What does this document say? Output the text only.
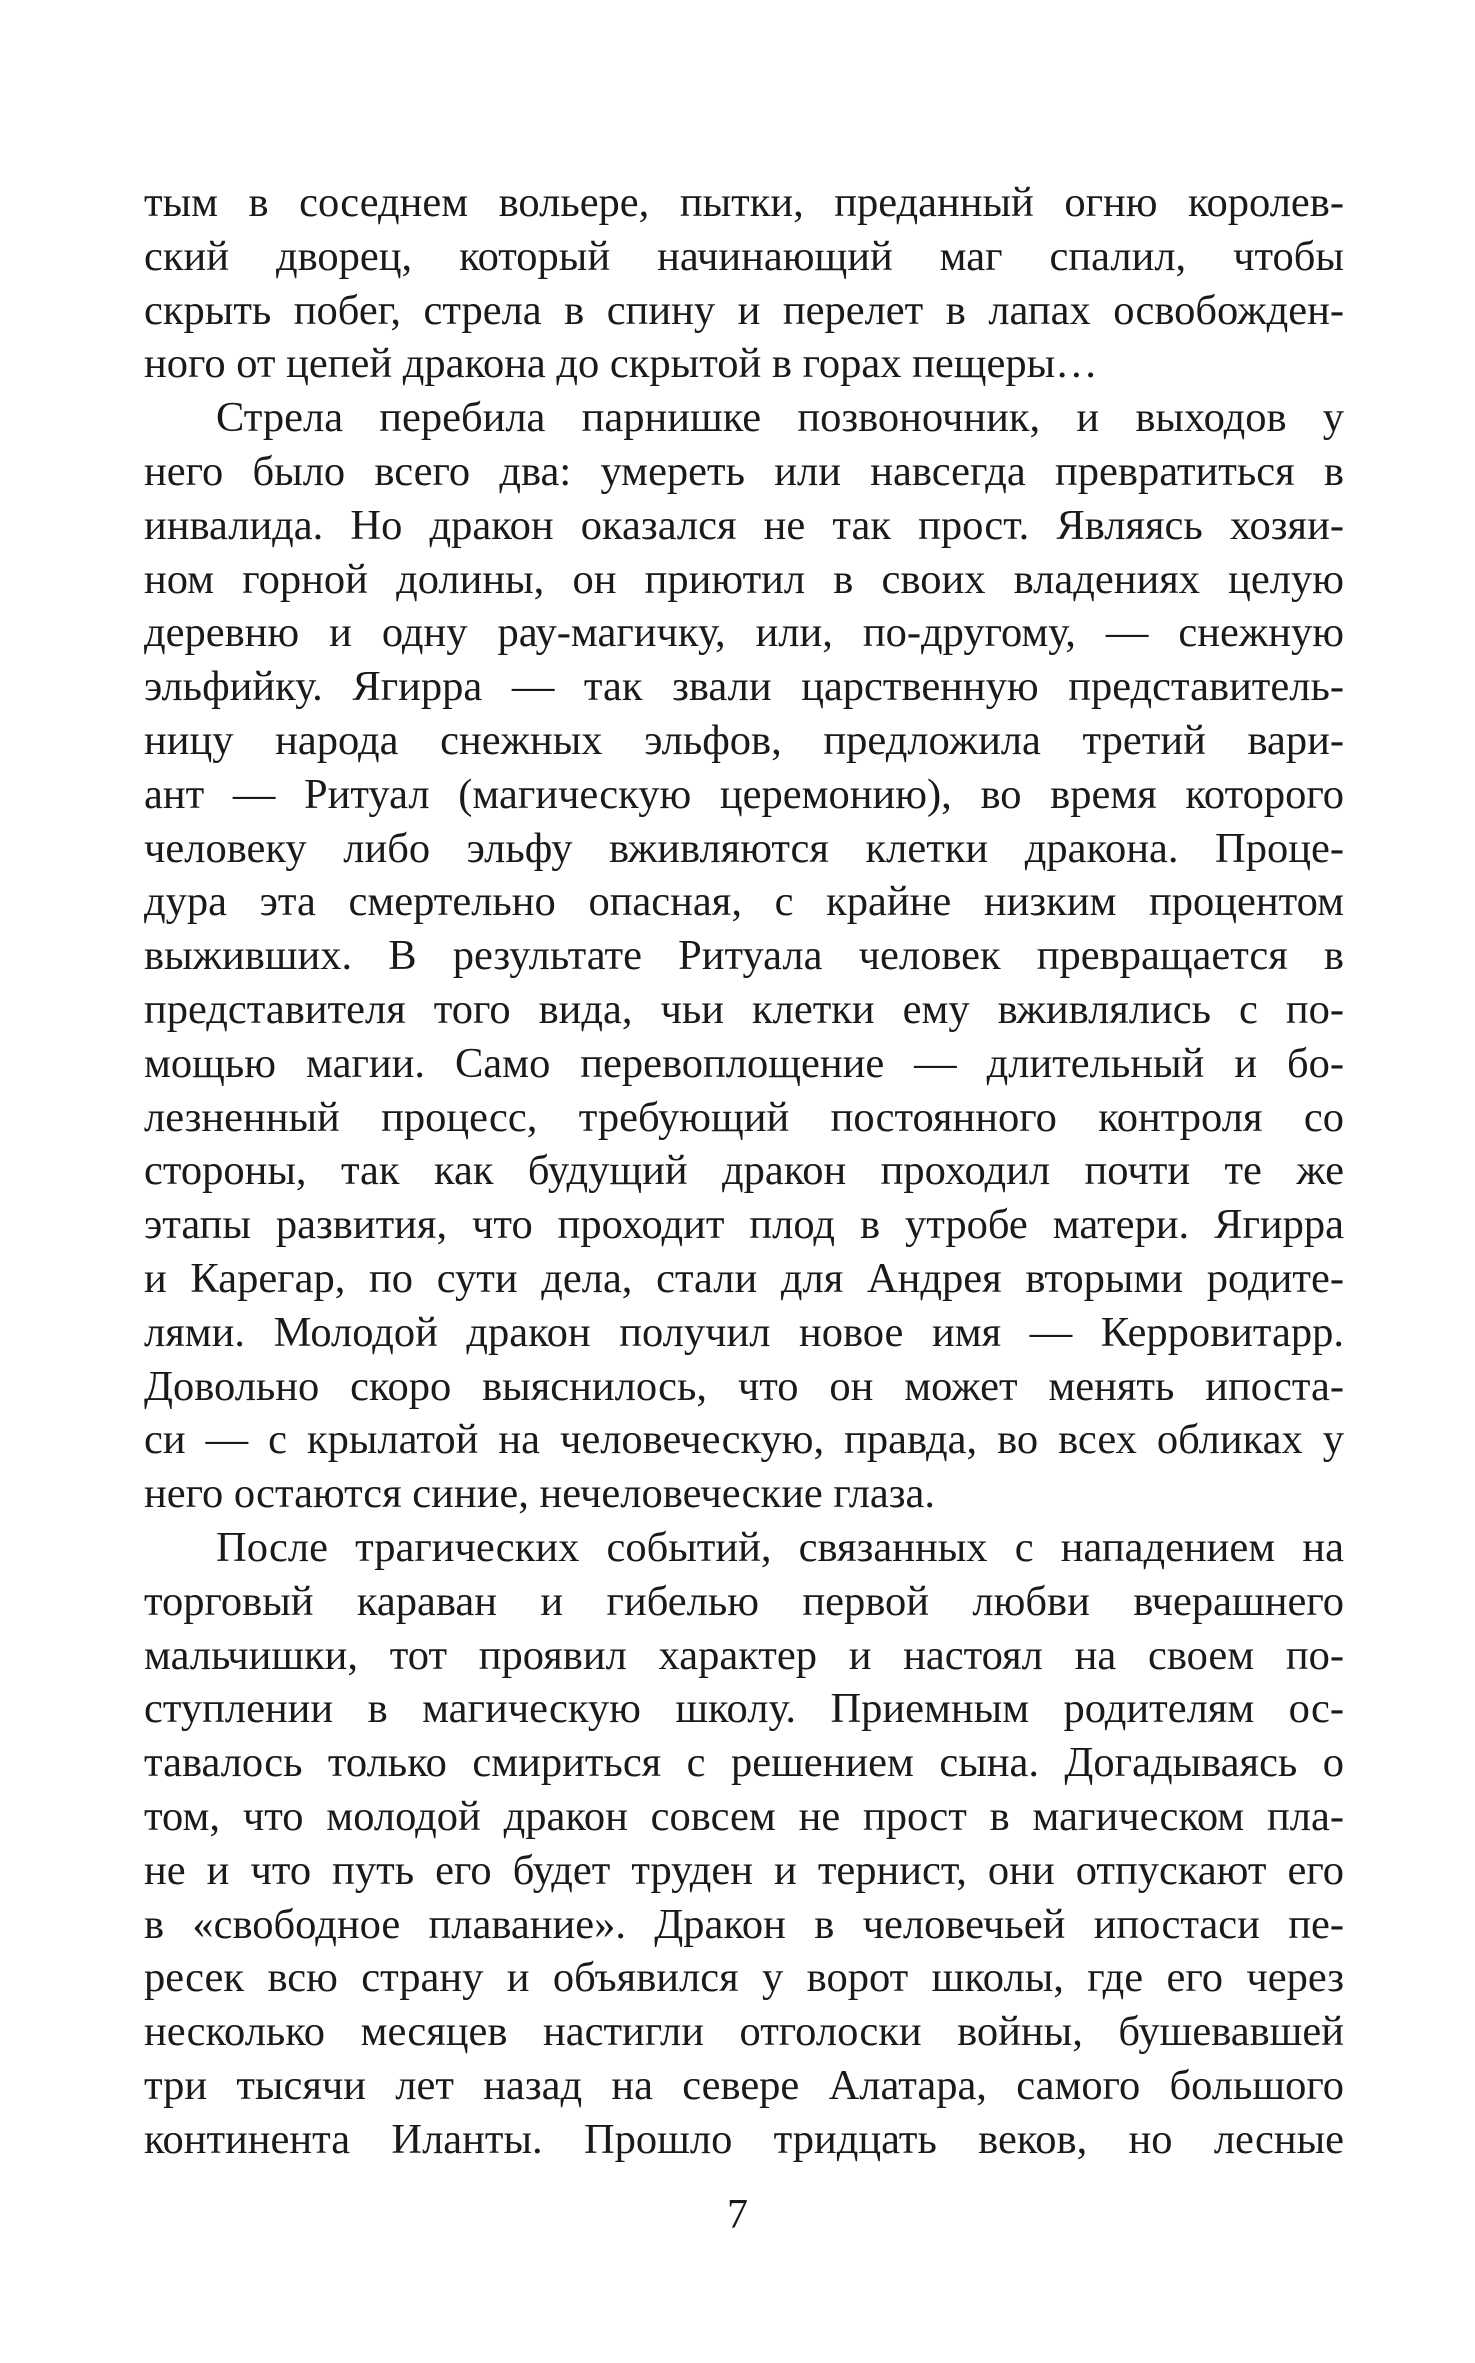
тым в соседнем вольере, пытки, преданный огню королев-
ский дворец, который начинающий маг спалил, чтобы
скрыть побег, стрела в спину и перелет в лапах освобожден-
ного от цепей дракона до скрытой в горах пещеры…
Стрела перебила парнишке позвоночник, и выходов у
него было всего два: умереть или навсегда превратиться в
инвалида. Но дракон оказался не так прост. Являясь хозяи-
ном горной долины, он приютил в своих владениях целую
деревню и одну рау-магичку, или, по-другому, — снежную
эльфийку. Ягирра — так звали царственную представитель-
ницу народа снежных эльфов, предложила третий вари-
ант — Ритуал (магическую церемонию), во время которого
человеку либо эльфу вживляются клетки дракона. Проце-
дура эта смертельно опасная, с крайне низким процентом
выживших. В результате Ритуала человек превращается в
представителя того вида, чьи клетки ему вживлялись с по-
мощью магии. Само перевоплощение — длительный и бо-
лезненный процесс, требующий постоянного контроля со
стороны, так как будущий дракон проходил почти те же
этапы развития, что проходит плод в утробе матери. Ягирра
и Карегар, по сути дела, стали для Андрея вторыми родите-
лями. Молодой дракон получил новое имя — Керровитарр.
Довольно скоро выяснилось, что он может менять ипоста-
си — с крылатой на человеческую, правда, во всех обликах у
него остаются синие, нечеловеческие глаза.
После трагических событий, связанных с нападением на
торговый караван и гибелью первой любви вчерашнего
мальчишки, тот проявил характер и настоял на своем по-
ступлении в магическую школу. Приемным родителям ос-
тавалось только смириться с решением сына. Догадываясь о
том, что молодой дракон совсем не прост в магическом пла-
не и что путь его будет труден и тернист, они отпускают его
в «свободное плавание». Дракон в человечьей ипостаси пе-
ресек всю страну и объявился у ворот школы, где его через
несколько месяцев настигли отголоски войны, бушевавшей
три тысячи лет назад на севере Алатара, самого большого
континента Иланты. Прошло тридцать веков, но лесные
7
